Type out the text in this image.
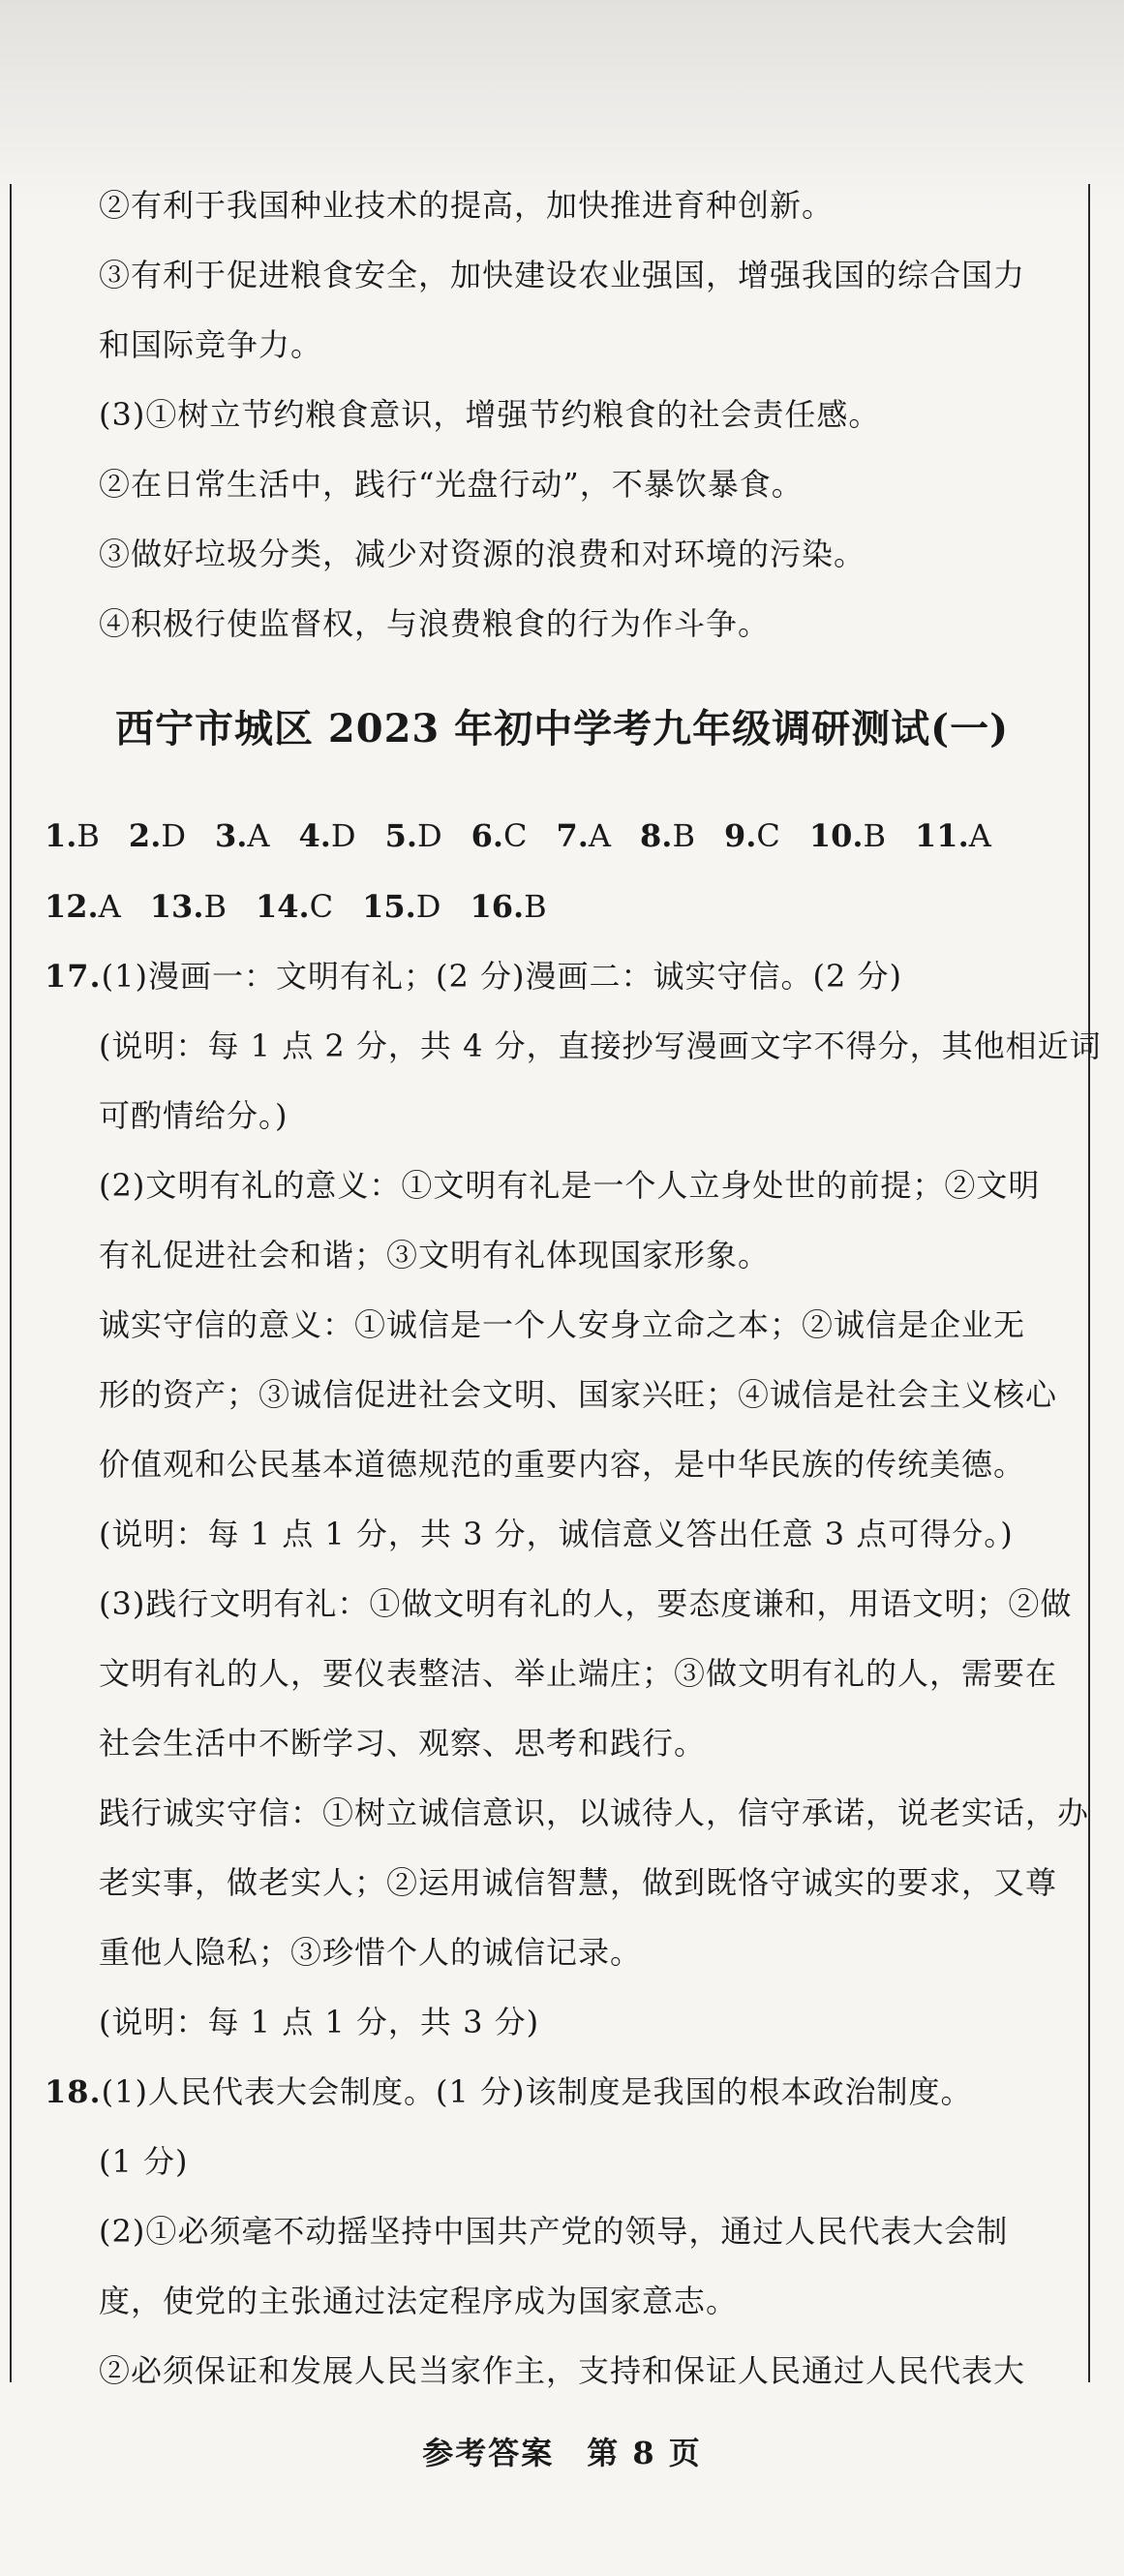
②有利于我国种业技术的提高，加快推进育种创新。
③有利于促进粮食安全，加快建设农业强国，增强我国的综合国力
和国际竞争力。
(3)①树立节约粮食意识，增强节约粮食的社会责任感。
②在日常生活中，践行“光盘行动”，不暴饮暴食。
③做好垃圾分类，减少对资源的浪费和对环境的污染。
④积极行使监督权，与浪费粮食的行为作斗争。
西宁市城区 2023 年初中学考九年级调研测试(一)
1.B 2.D 3.A 4.D 5.D 6.C 7.A 8.B 9.C 10.B 11.A
12.A 13.B 14.C 15.D 16.B
17.(1)漫画一：文明有礼；(2 分)漫画二：诚实守信。(2 分)
(说明：每 1 点 2 分，共 4 分，直接抄写漫画文字不得分，其他相近词
可酌情给分。)
(2)文明有礼的意义：①文明有礼是一个人立身处世的前提；②文明
有礼促进社会和谐；③文明有礼体现国家形象。
诚实守信的意义：①诚信是一个人安身立命之本；②诚信是企业无
形的资产；③诚信促进社会文明、国家兴旺；④诚信是社会主义核心
价值观和公民基本道德规范的重要内容，是中华民族的传统美德。
(说明：每 1 点 1 分，共 3 分，诚信意义答出任意 3 点可得分。)
(3)践行文明有礼：①做文明有礼的人，要态度谦和，用语文明；②做
文明有礼的人，要仪表整洁、举止端庄；③做文明有礼的人，需要在
社会生活中不断学习、观察、思考和践行。
践行诚实守信：①树立诚信意识，以诚待人，信守承诺，说老实话，办
老实事，做老实人；②运用诚信智慧，做到既恪守诚实的要求，又尊
重他人隐私；③珍惜个人的诚信记录。
(说明：每 1 点 1 分，共 3 分)
18.(1)人民代表大会制度。(1 分)该制度是我国的根本政治制度。
(1 分)
(2)①必须毫不动摇坚持中国共产党的领导，通过人民代表大会制
度，使党的主张通过法定程序成为国家意志。
②必须保证和发展人民当家作主，支持和保证人民通过人民代表大
参考答案　第 8 页
